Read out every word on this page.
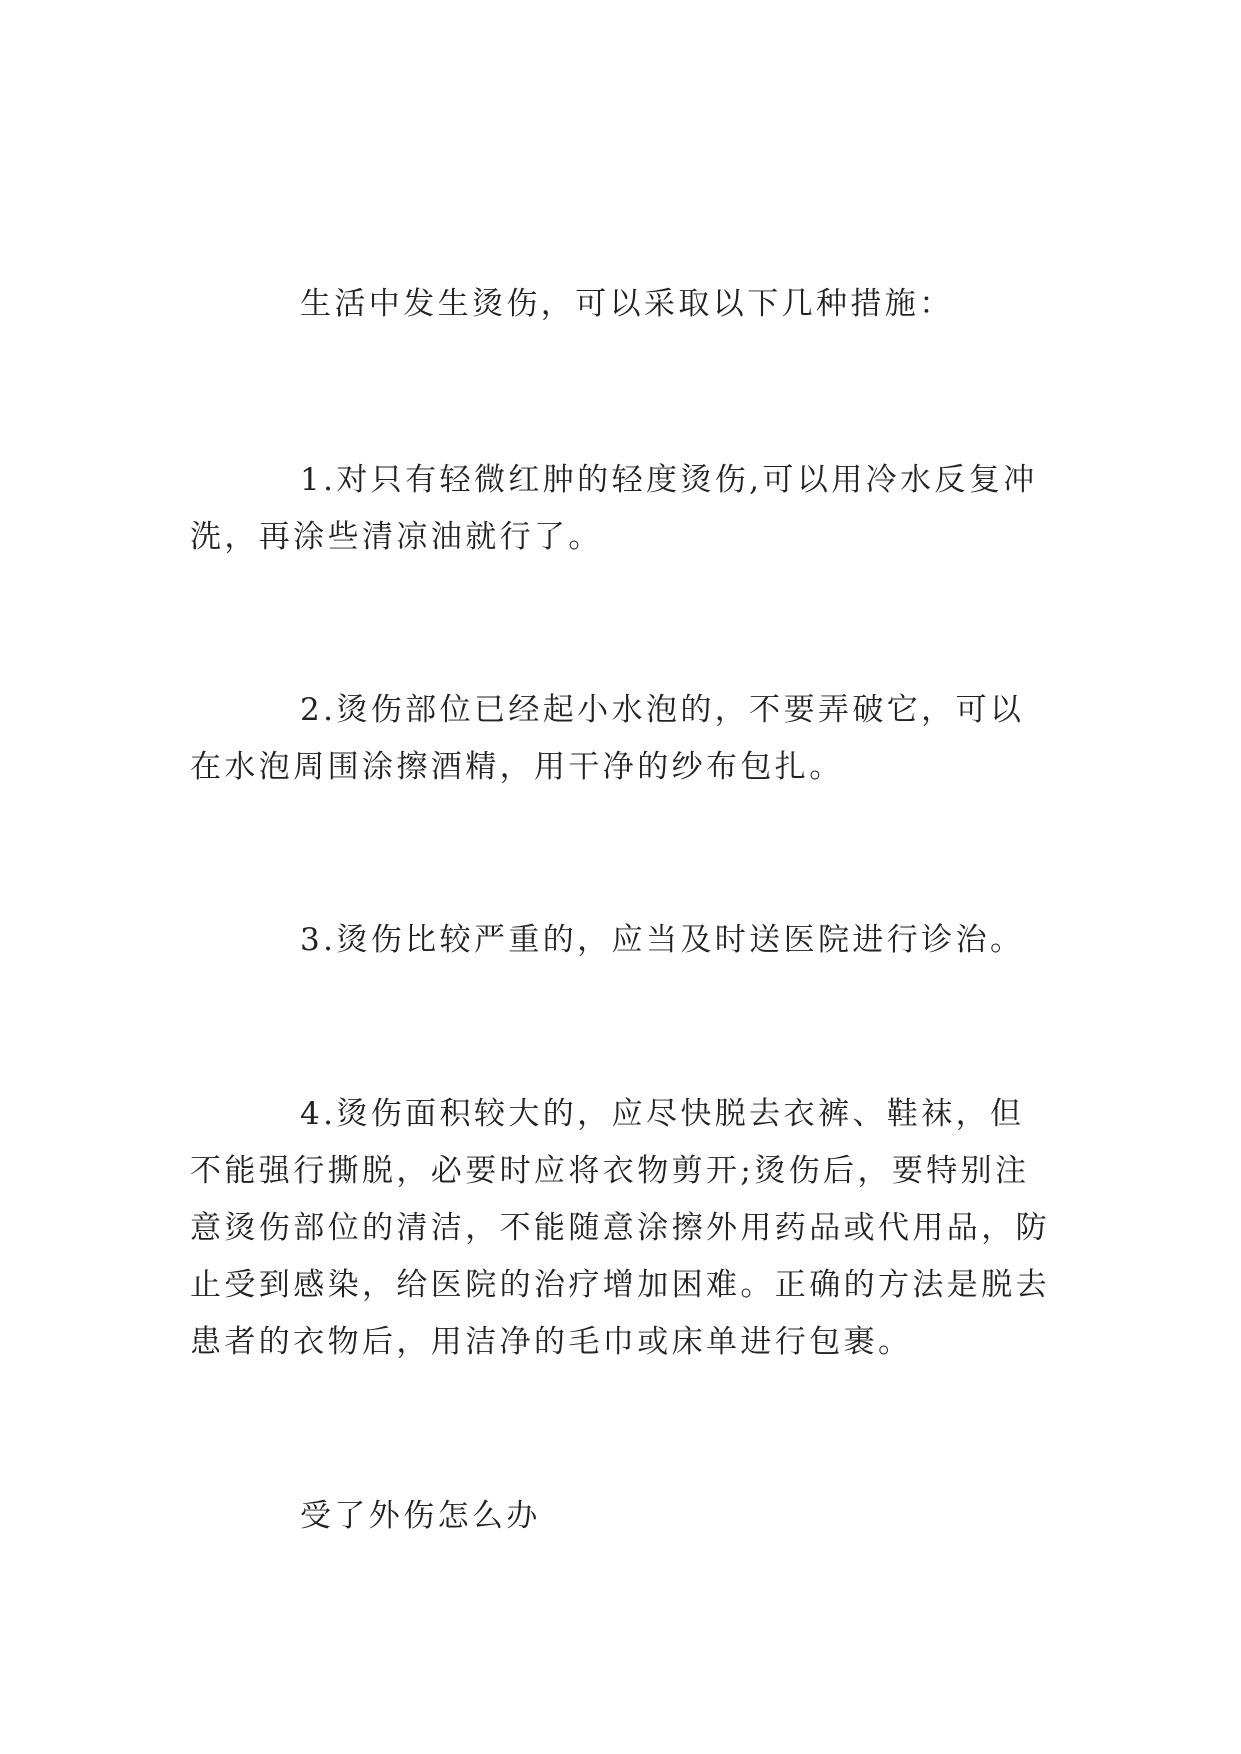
生活中发生烫伤，可以采取以下几种措施：

1.对只有轻微红肿的轻度烫伤,可以用冷水反复冲洗，再涂些清凉油就行了。

2.烫伤部位已经起小水泡的，不要弄破它，可以在水泡周围涂擦酒精，用干净的纱布包扎。

3.烫伤比较严重的，应当及时送医院进行诊治。

4.烫伤面积较大的，应尽快脱去衣裤、鞋袜，但不能强行撕脱，必要时应将衣物剪开;烫伤后，要特别注意烫伤部位的清洁，不能随意涂擦外用药品或代用品，防止受到感染，给医院的治疗增加困难。正确的方法是脱去患者的衣物后，用洁净的毛巾或床单进行包裹。

受了外伤怎么办
